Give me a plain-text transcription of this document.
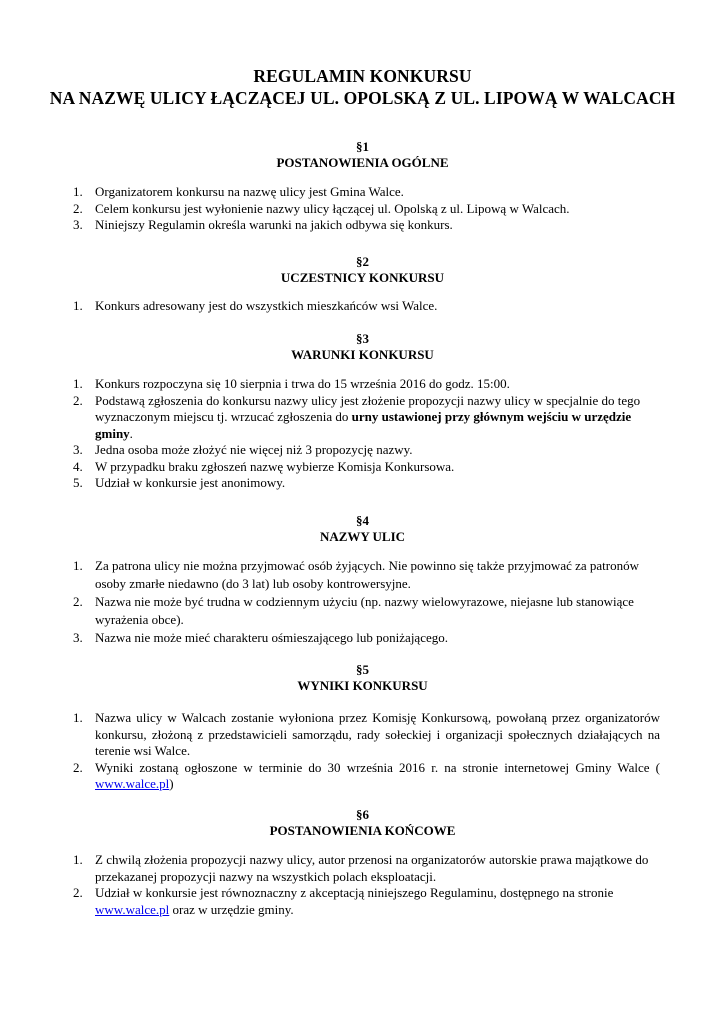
REGULAMIN KONKURSU
NA NAZWĘ ULICY ŁĄCZĄCEJ UL. OPOLSKĄ Z UL. LIPOWĄ W WALCACH
§1
POSTANOWIENIA OGÓLNE
1. Organizatorem konkursu na nazwę ulicy jest Gmina Walce.
2. Celem konkursu jest wyłonienie nazwy ulicy łączącej ul. Opolską z ul. Lipową w Walcach.
3. Niniejszy Regulamin określa warunki na jakich odbywa się konkurs.
§2
UCZESTNICY KONKURSU
1. Konkurs adresowany jest do wszystkich mieszkańców wsi Walce.
§3
WARUNKI KONKURSU
1. Konkurs rozpoczyna się 10 sierpnia i trwa do 15 września 2016 do godz. 15:00.
2. Podstawą zgłoszenia do konkursu nazwy ulicy jest złożenie propozycji nazwy ulicy w specjalnie do tego wyznaczonym miejscu tj. wrzucać zgłoszenia do urny ustawionej przy głównym wejściu w urzędzie gminy.
3. Jedna osoba może złożyć nie więcej niż 3 propozycję nazwy.
4. W przypadku braku zgłoszeń nazwę wybierze Komisja Konkursowa.
5. Udział w konkursie jest anonimowy.
§4
NAZWY ULIC
1. Za patrona ulicy nie można przyjmować osób żyjących. Nie powinno się także przyjmować za patronów osoby zmarłe niedawno (do 3 lat) lub osoby kontrowersyjne.
2. Nazwa nie może być trudna w codziennym użyciu (np. nazwy wielowyrazowe, niejasne lub stanowiące wyrażenia obce).
3. Nazwa nie może mieć charakteru ośmieszającego lub poniżającego.
§5
WYNIKI KONKURSU
1. Nazwa ulicy w Walcach zostanie wyłoniona przez Komisję Konkursową, powołaną przez organizatorów konkursu, złożoną z przedstawicieli samorządu, rady sołeckiej i organizacji społecznych działających na terenie wsi Walce.
2. Wyniki zostaną ogłoszone w terminie do 30 września 2016 r. na stronie internetowej Gminy Walce ( www.walce.pl)
§6
POSTANOWIENIA KOŃCOWE
1. Z chwilą złożenia propozycji nazwy ulicy, autor przenosi na organizatorów autorskie prawa majątkowe do przekazanej propozycji nazwy na wszystkich polach eksploatacji.
2. Udział w konkursie jest równoznaczny z akceptacją niniejszego Regulaminu, dostępnego na stronie www.walce.pl oraz w urzędzie gminy.
